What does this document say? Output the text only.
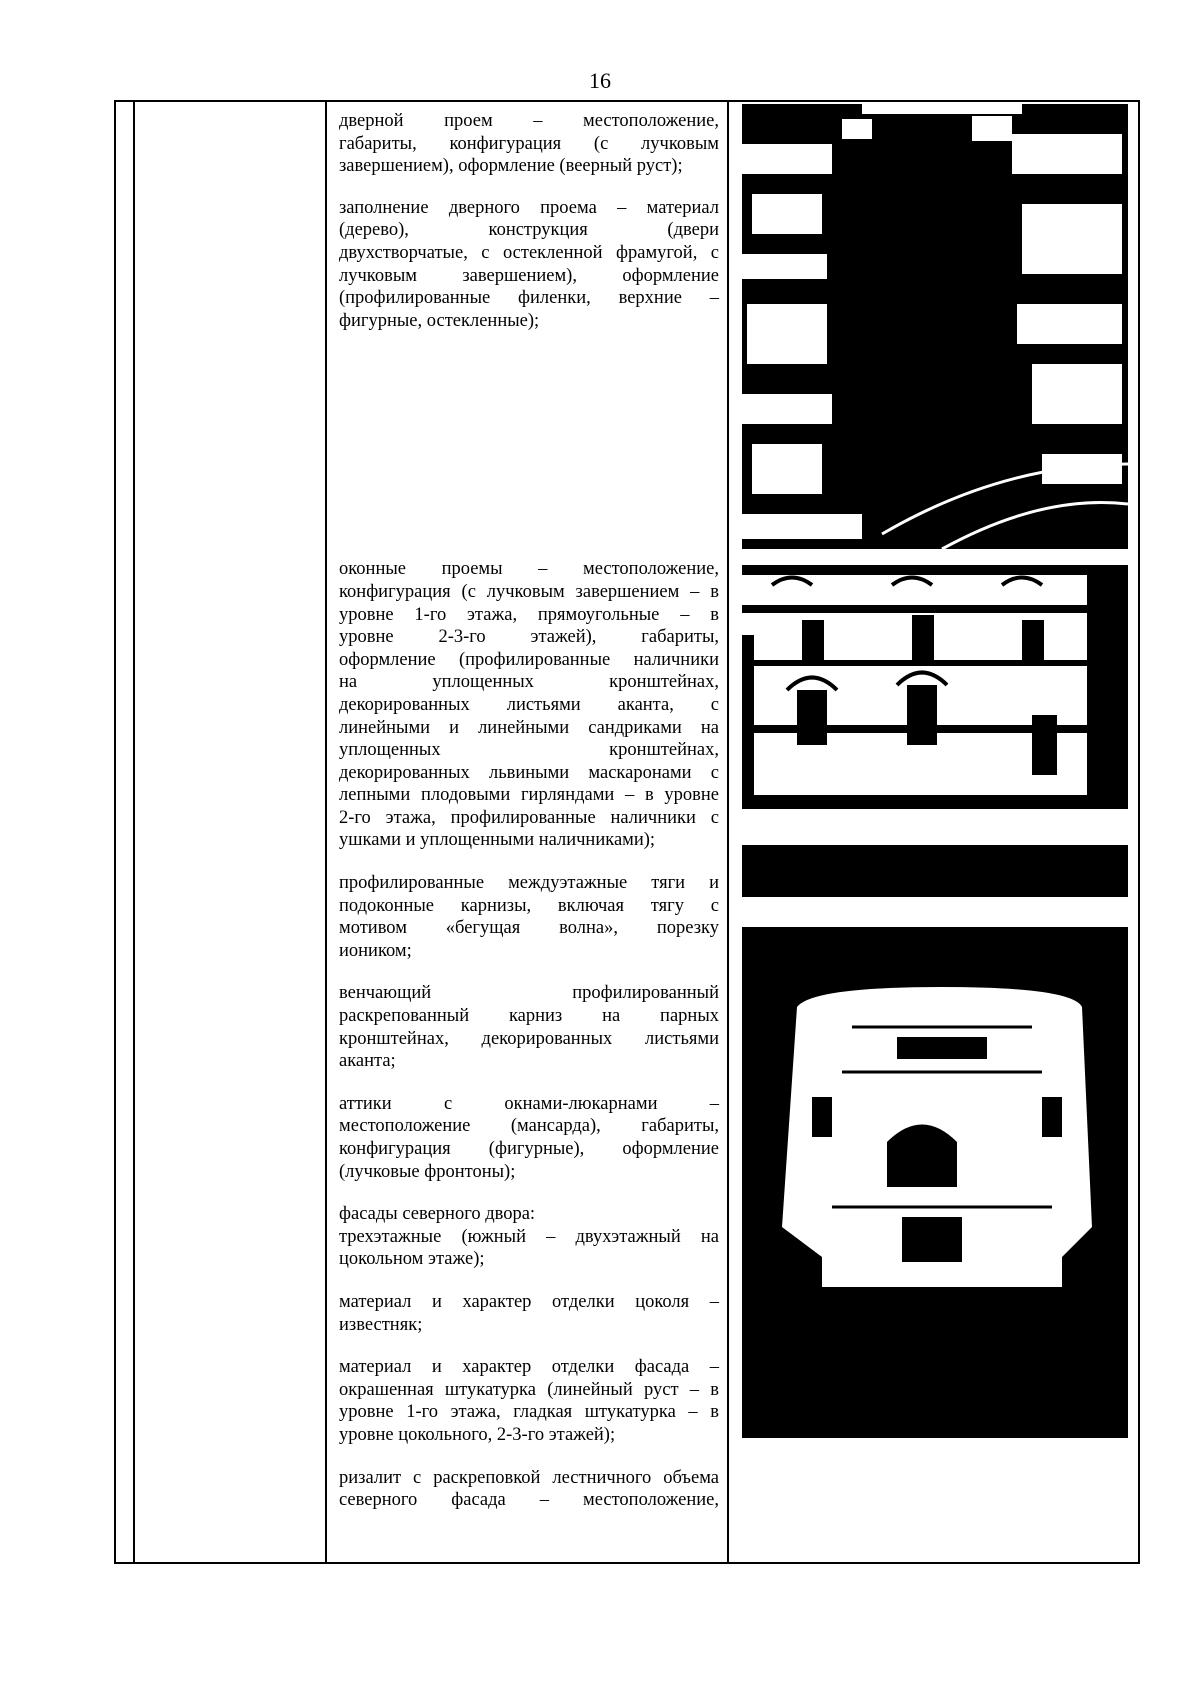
16

дверной проем – местоположение,

габариты, конфигурация (с лучковым

завершением), оформление (веерный руст);

заполнение дверного проема – материал

(дерево), конструкция (двери

двухстворчатые, с остекленной фрамугой, с

лучковым завершением), оформление

(профилированные филенки, верхние –

фигурные, остекленные);

оконные проемы – местоположение,

конфигурация (с лучковым завершением – в

уровне 1-го этажа, прямоугольные – в

уровне 2-3-го этажей), габариты,

оформление (профилированные наличники

на уплощенных кронштейнах,

декорированных листьями аканта, с

линейными и линейными сандриками на

уплощенных кронштейнах,

декорированных львиными маскаронами с

лепными плодовыми гирляндами – в уровне

2-го этажа, профилированные наличники с

ушками и уплощенными наличниками);

профилированные междуэтажные тяги и

подоконные карнизы, включая тягу с

мотивом «бегущая волна», порезку

иоником;

венчающий профилированный

раскрепованный карниз на парных

кронштейнах, декорированных листьями

аканта;

аттики с окнами-люкарнами –

местоположение (мансарда), габариты,

конфигурация (фигурные), оформление

(лучковые фронтоны);

фасады северного двора:

трехэтажные (южный – двухэтажный на

цокольном этаже);

материал и характер отделки цоколя –

известняк;

материал и характер отделки фасада –

окрашенная штукатурка (линейный руст – в

уровне 1-го этажа, гладкая штукатурка – в

уровне цокольного, 2-3-го этажей);

ризалит с раскреповкой лестничного объема

северного фасада – местоположение,
